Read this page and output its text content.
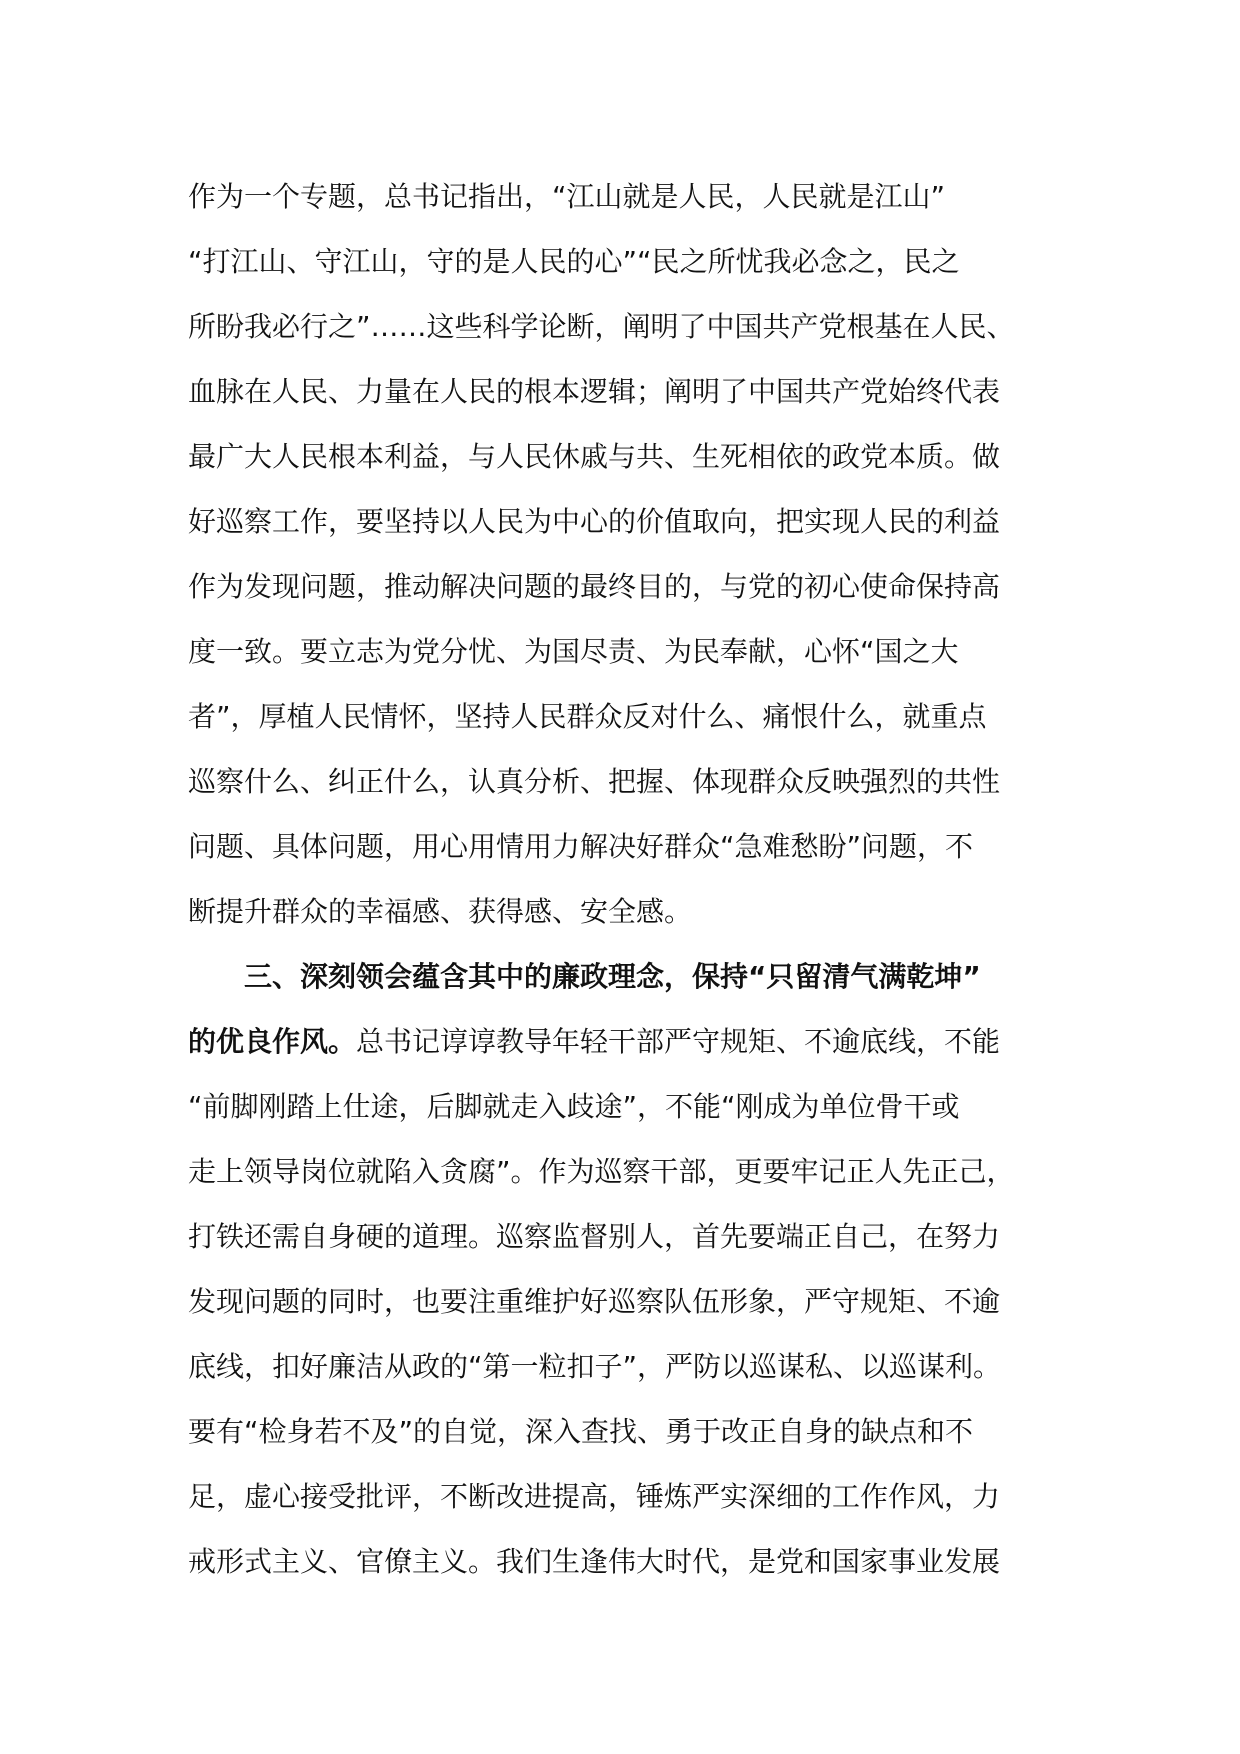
作为一个专题，总书记指出，“江山就是人民，人民就是江山”
“打江山、守江山，守的是人民的心”“民之所忧我必念之，民之
所盼我必行之”……这些科学论断，阐明了中国共产党根基在人民、
血脉在人民、力量在人民的根本逻辑；阐明了中国共产党始终代表
最广大人民根本利益，与人民休戚与共、生死相依的政党本质。做
好巡察工作，要坚持以人民为中心的价值取向，把实现人民的利益
作为发现问题，推动解决问题的最终目的，与党的初心使命保持高
度一致。要立志为党分忧、为国尽责、为民奉献，心怀“国之大
者”，厚植人民情怀，坚持人民群众反对什么、痛恨什么，就重点
巡察什么、纠正什么，认真分析、把握、体现群众反映强烈的共性
问题、具体问题，用心用情用力解决好群众“急难愁盼”问题，不
断提升群众的幸福感、获得感、安全感。
三、深刻领会蕴含其中的廉政理念，保持“只留清气满乾坤”
的优良作风。总书记谆谆教导年轻干部严守规矩、不逾底线，不能
“前脚刚踏上仕途，后脚就走入歧途”，不能“刚成为单位骨干或
走上领导岗位就陷入贪腐”。作为巡察干部，更要牢记正人先正己，
打铁还需自身硬的道理。巡察监督别人，首先要端正自己，在努力
发现问题的同时，也要注重维护好巡察队伍形象，严守规矩、不逾
底线，扣好廉洁从政的“第一粒扣子”，严防以巡谋私、以巡谋利。
要有“检身若不及”的自觉，深入查找、勇于改正自身的缺点和不
足，虚心接受批评，不断改进提高，锤炼严实深细的工作作风，力
戒形式主义、官僚主义。我们生逢伟大时代，是党和国家事业发展
